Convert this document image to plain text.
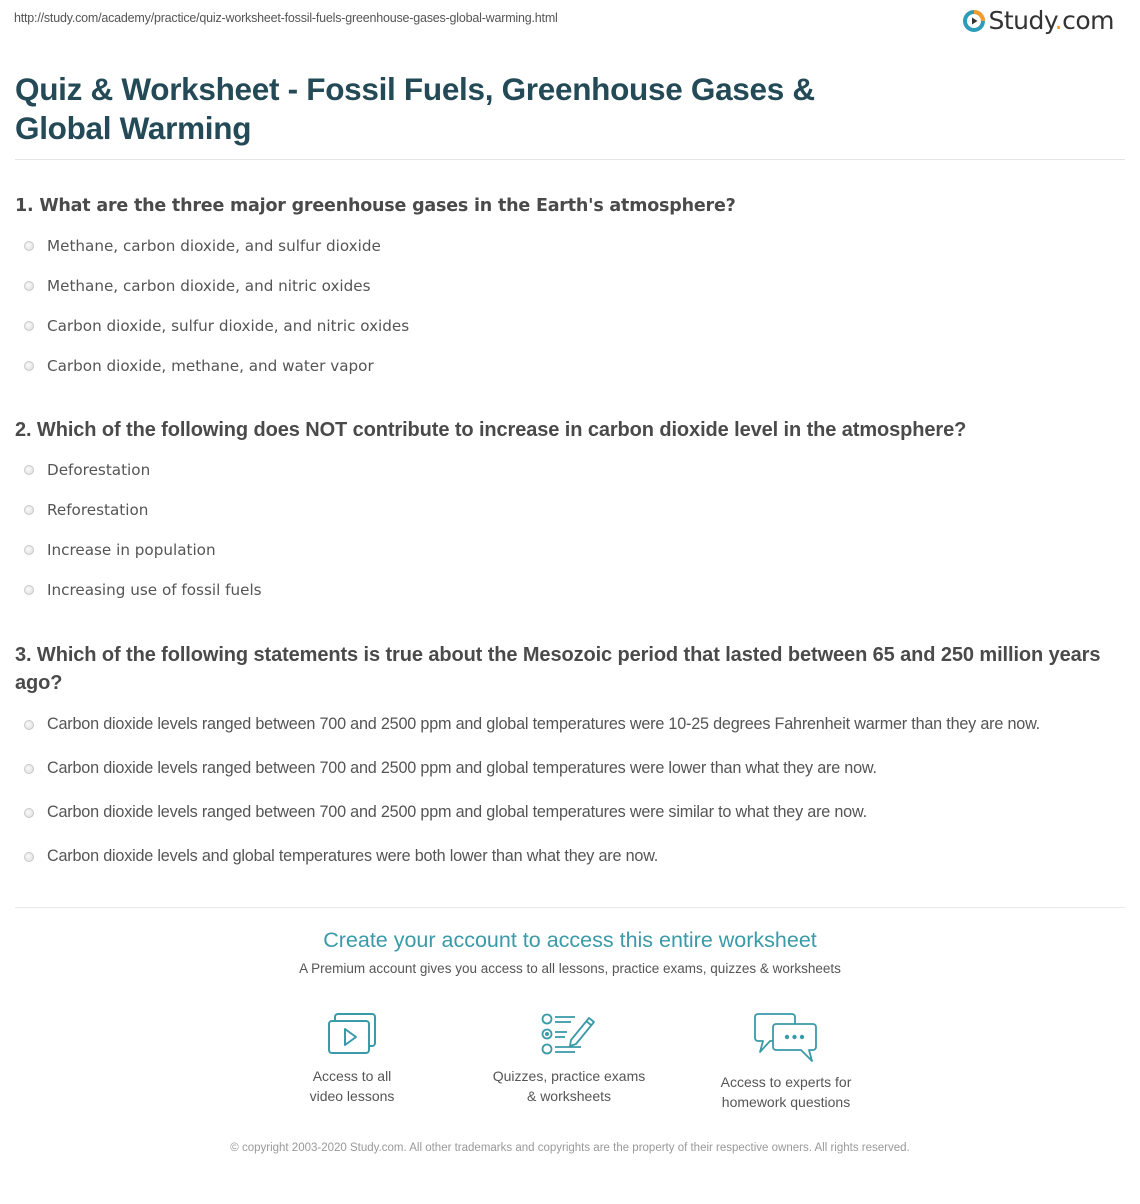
http://study.com/academy/practice/quiz-worksheet-fossil-fuels-greenhouse-gases-global-warming.html	Study.com
Quiz & Worksheet - Fossil Fuels, Greenhouse Gases & Global Warming
1. What are the three major greenhouse gases in the Earth's atmosphere?
Methane, carbon dioxide, and sulfur dioxide
Methane, carbon dioxide, and nitric oxides
Carbon dioxide, sulfur dioxide, and nitric oxides
Carbon dioxide, methane, and water vapor
2. Which of the following does NOT contribute to increase in carbon dioxide level in the atmosphere?
Deforestation
Reforestation
Increase in population
Increasing use of fossil fuels
3. Which of the following statements is true about the Mesozoic period that lasted between 65 and 250 million years ago?
Carbon dioxide levels ranged between 700 and 2500 ppm and global temperatures were 10-25 degrees Fahrenheit warmer than they are now.
Carbon dioxide levels ranged between 700 and 2500 ppm and global temperatures were lower than what they are now.
Carbon dioxide levels ranged between 700 and 2500 ppm and global temperatures were similar to what they are now.
Carbon dioxide levels and global temperatures were both lower than what they are now.
Create your account to access this entire worksheet
A Premium account gives you access to all lessons, practice exams, quizzes & worksheets
Access to all
video lessons
Quizzes, practice exams
& worksheets
Access to experts for
homework questions
© copyright 2003-2020 Study.com. All other trademarks and copyrights are the property of their respective owners. All rights reserved.
